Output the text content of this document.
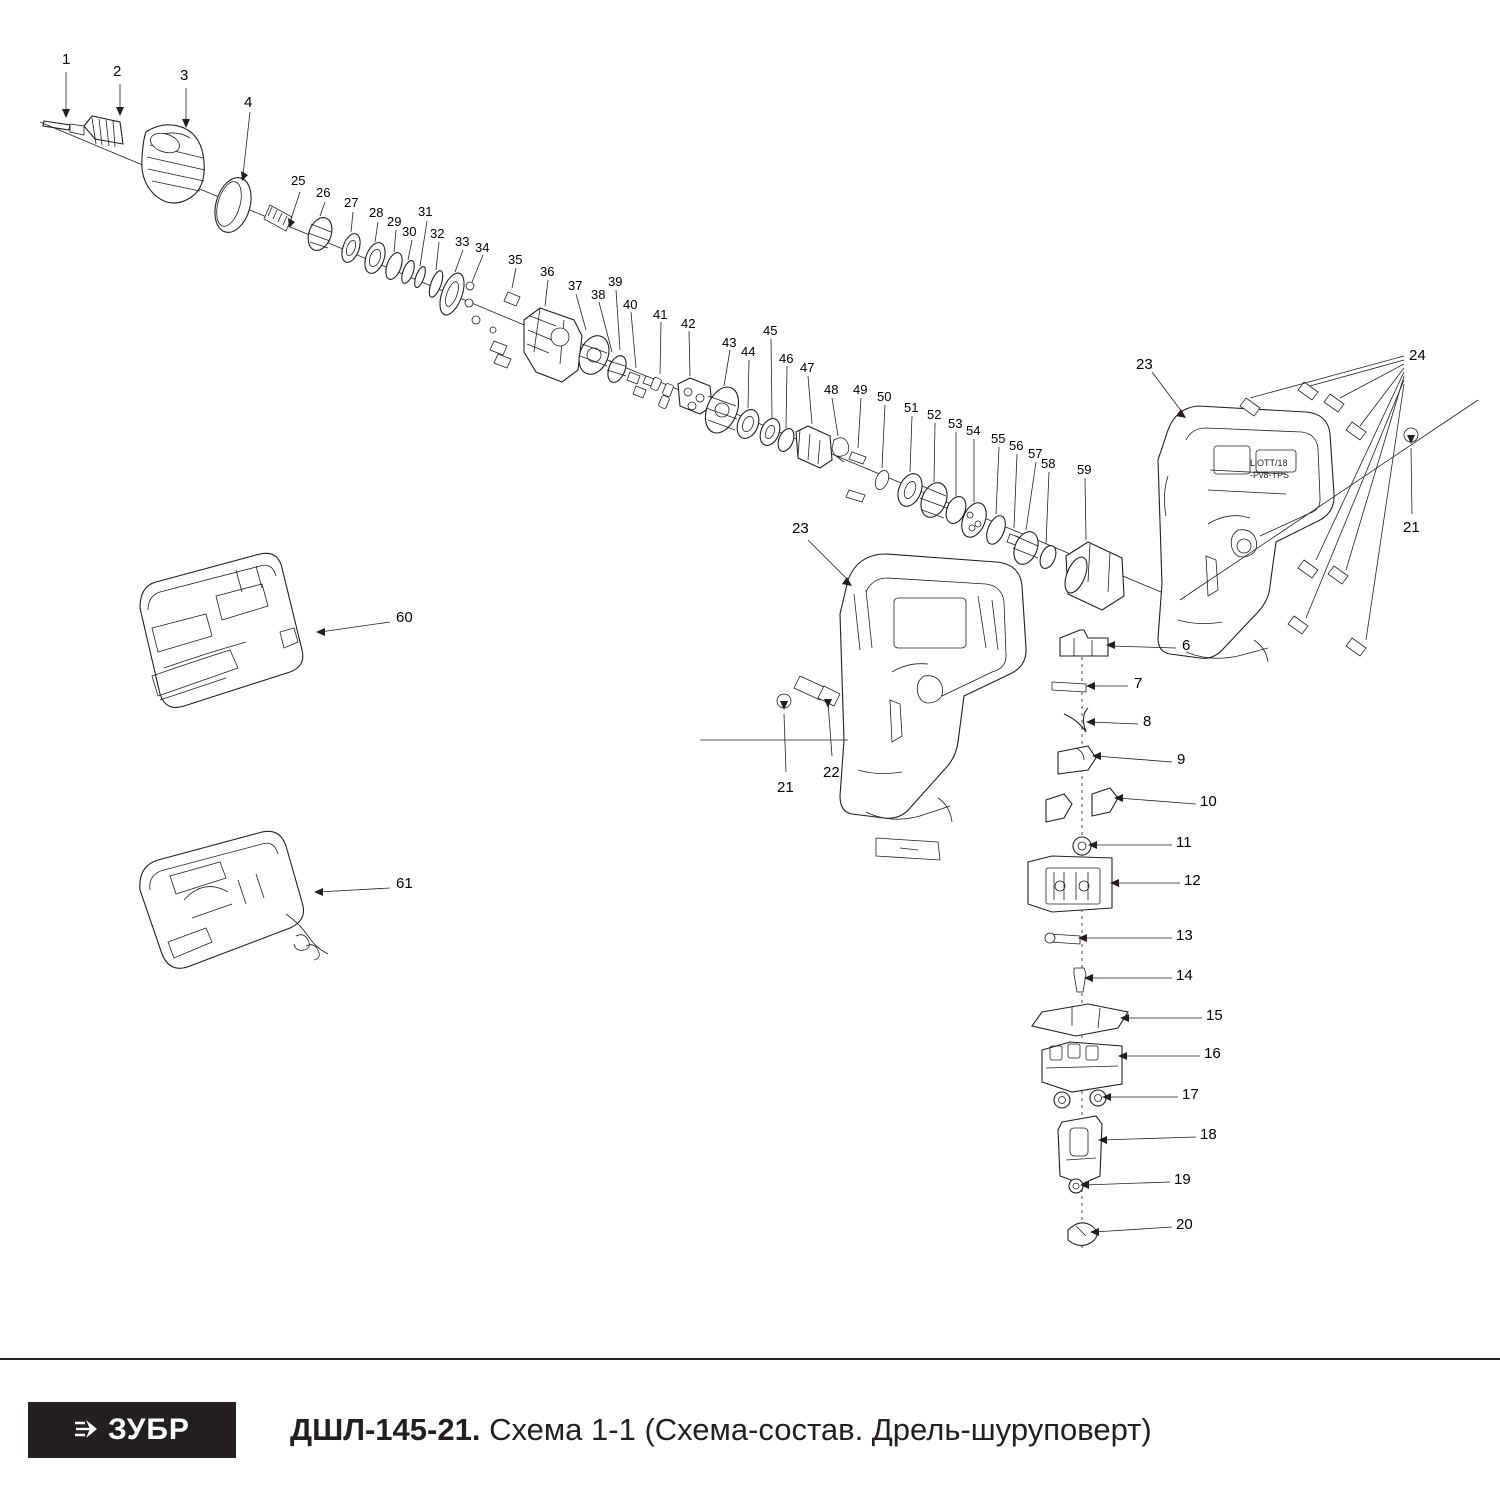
LiOTT/18
-Pv8-TPS
1
2	3
4
25
26
27
28
29
30
31
32
33 34
35
36
37
38
39
40
41
42
43
44
45
46
47
48 49 50
51 52
53 54
55 56
57
58 59
23
24
21
23
21
22
6
7
8
9
10
11
12
13
14
15
16
17
18
19
20
60
61
ЗУБР	ДШЛ-145-21. Схема 1-1 (Схема-состав. Дрель-шуруповерт)
